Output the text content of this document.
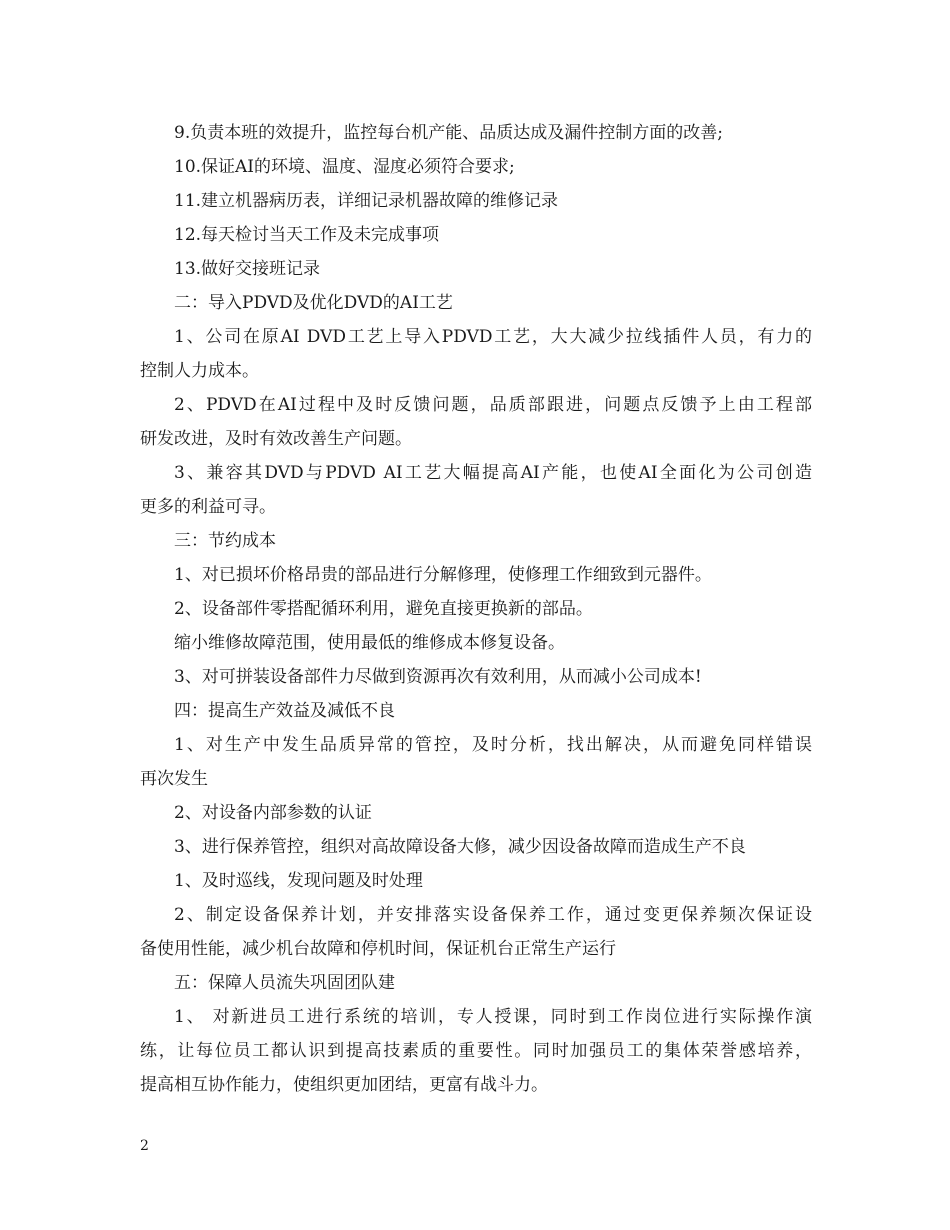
9.负责本班的效提升，监控每台机产能、品质达成及漏件控制方面的改善;
10.保证AI的环境、温度、湿度必须符合要求;
11.建立机器病历表，详细记录机器故障的维修记录
12.每天检讨当天工作及未完成事项
13.做好交接班记录
二：导入PDVD及优化DVD的AI工艺
1、公司在原AI DVD工艺上导入PDVD工艺，大大减少拉线插件人员，有力的
控制人力成本。
2、PDVD在AI过程中及时反馈问题，品质部跟进，问题点反馈予上由工程部
研发改进，及时有效改善生产问题。
3、兼容其DVD与PDVD AI工艺大幅提高AI产能，也使AI全面化为公司创造
更多的利益可寻。
三：节约成本
1、对已损坏价格昂贵的部品进行分解修理，使修理工作细致到元器件。
2、设备部件零搭配循环利用，避免直接更换新的部品。
缩小维修故障范围，使用最低的维修成本修复设备。
3、对可拼装设备部件力尽做到资源再次有效利用，从而减小公司成本!
四：提高生产效益及减低不良
1、对生产中发生品质异常的管控，及时分析，找出解决，从而避免同样错误
再次发生
2、对设备内部参数的认证
3、进行保养管控，组织对高故障设备大修，减少因设备故障而造成生产不良
1、及时巡线，发现问题及时处理
2、制定设备保养计划，并安排落实设备保养工作，通过变更保养频次保证设
备使用性能，减少机台故障和停机时间，保证机台正常生产运行
五：保障人员流失巩固团队建
1、 对新进员工进行系统的培训，专人授课，同时到工作岗位进行实际操作演
练，让每位员工都认识到提高技素质的重要性。同时加强员工的集体荣誉感培养，
提高相互协作能力，使组织更加团结，更富有战斗力。
2
